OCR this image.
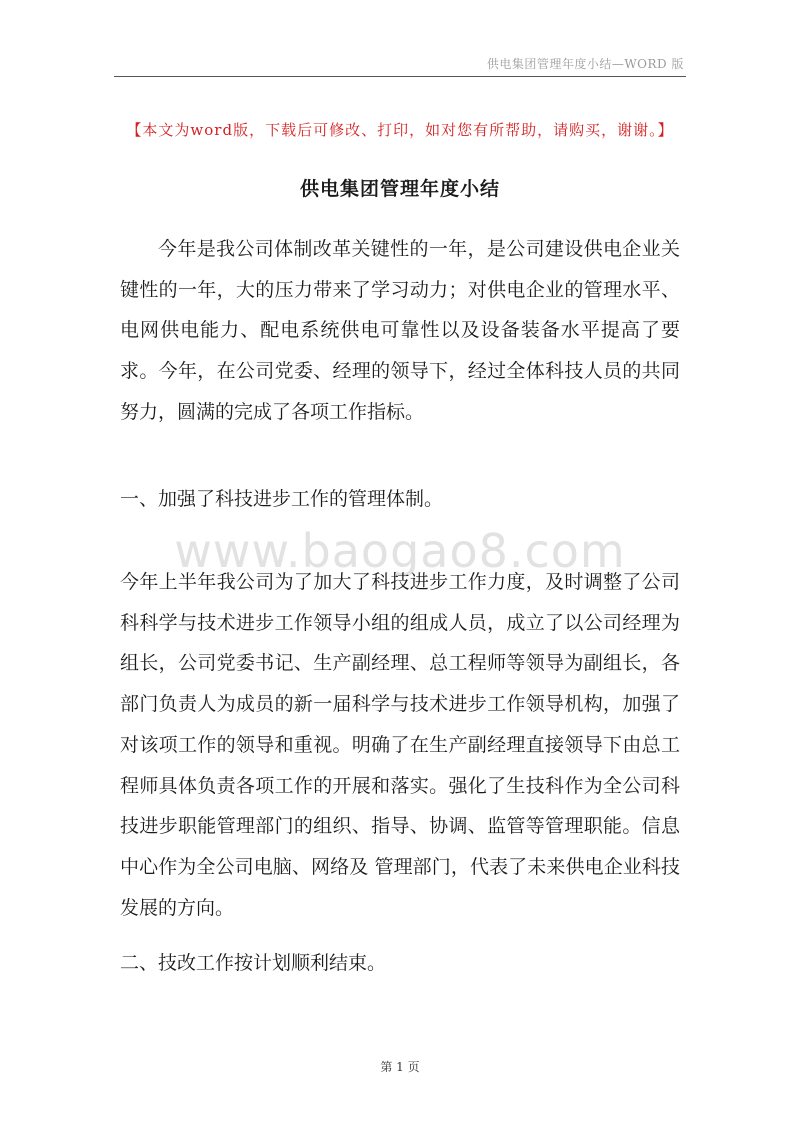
供电集团管理年度小结—WORD 版
【本文为word版，下载后可修改、打印，如对您有所帮助，请购买，谢谢。】
供电集团管理年度小结

今年是我公司体制改革关键性的一年，是公司建设供电企业关键性的一年，大的压力带来了学习动力；对供电企业的管理水平、电网供电能力、配电系统供电可靠性以及设备装备水平提高了要求。今年，在公司党委、经理的领导下，经过全体科技人员的共同努力，圆满的完成了各项工作指标。

一、加强了科技进步工作的管理体制。

www.baogao8.com

今年上半年我公司为了加大了科技进步工作力度，及时调整了公司科科学与技术进步工作领导小组的组成人员，成立了以公司经理为组长，公司党委书记、生产副经理、总工程师等领导为副组长，各部门负责人为成员的新一届科学与技术进步工作领导机构，加强了对该项工作的领导和重视。明确了在生产副经理直接领导下由总工程师具体负责各项工作的开展和落实。强化了生技科作为全公司科技进步职能管理部门的组织、指导、协调、监管等管理职能。信息中心作为全公司电脑、网络及 管理部门，代表了未来供电企业科技发展的方向。

二、技改工作按计划顺利结束。

第 1 页
